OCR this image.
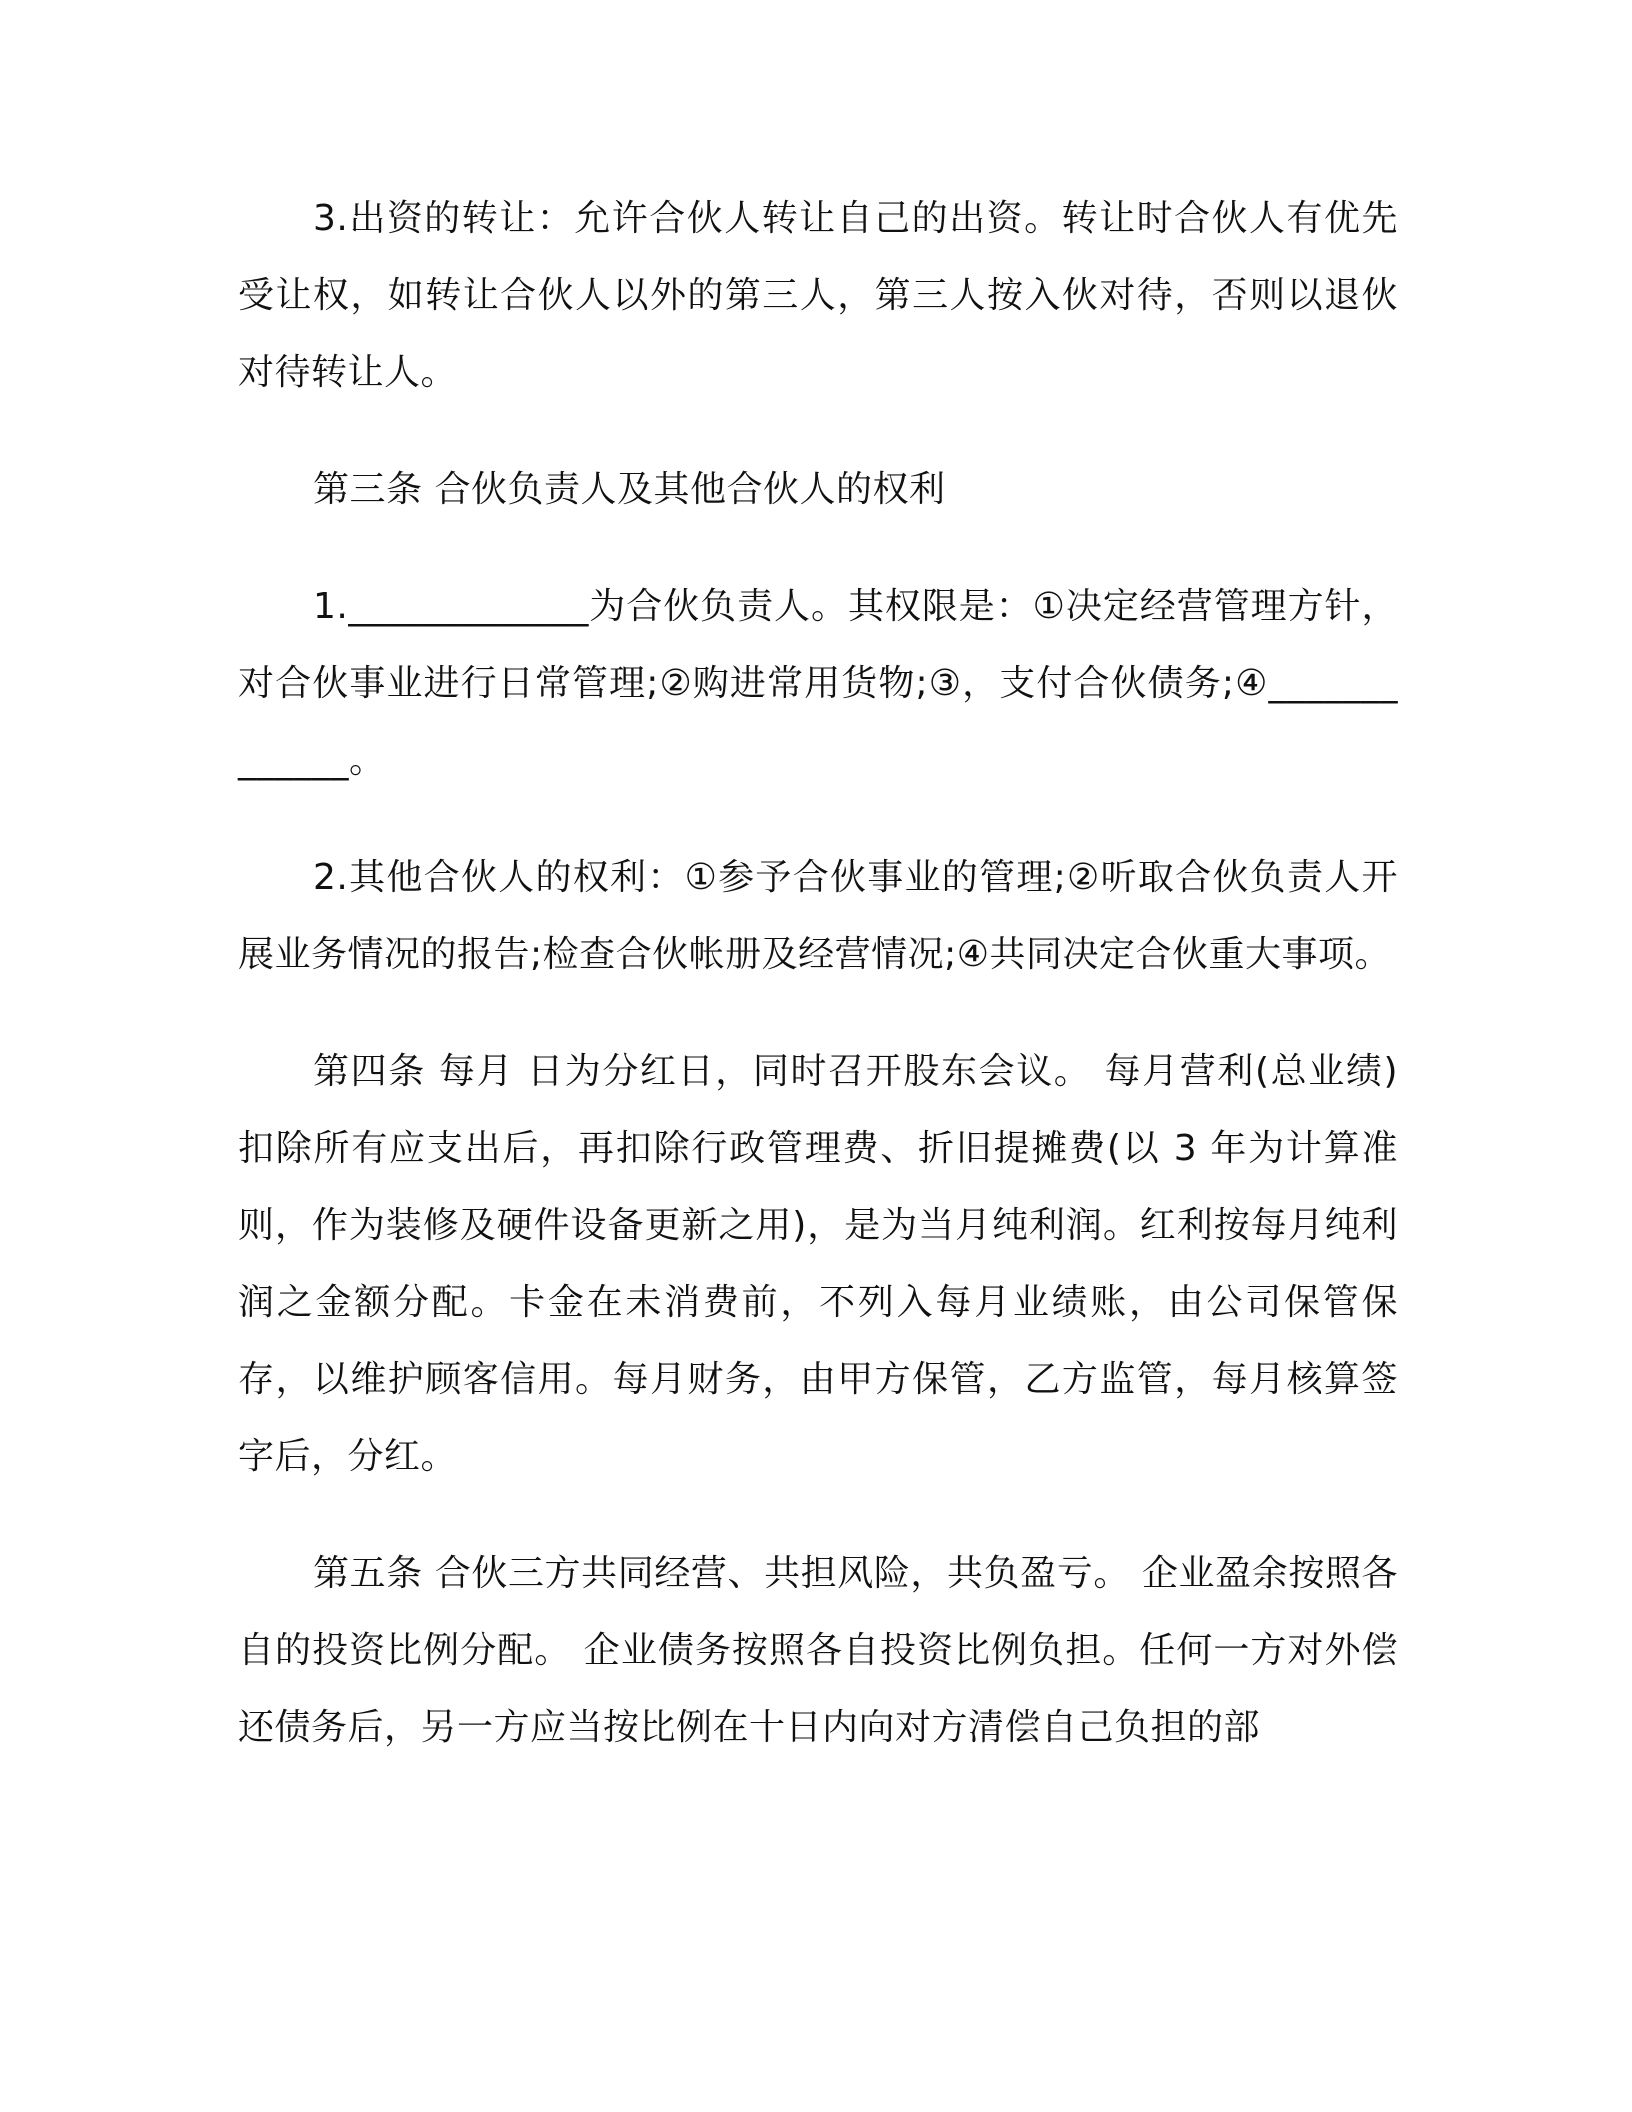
3.出资的转让：允许合伙人转让自己的出资。转让时合伙人有优先受让权，如转让合伙人以外的第三人，第三人按入伙对待，否则以退伙对待转让人。

第三条 合伙负责人及其他合伙人的权利

1._____________为合伙负责人。其权限是：①决定经营管理方针，对合伙事业进行日常管理;②购进常用货物;③，支付合伙债务;④_____________。

2.其他合伙人的权利：①参予合伙事业的管理;②听取合伙负责人开展业务情况的报告;检查合伙帐册及经营情况;④共同决定合伙重大事项。

第四条 每月 日为分红日，同时召开股东会议。 每月营利(总业绩)扣除所有应支出后，再扣除行政管理费、折旧提摊费(以 3 年为计算准则，作为装修及硬件设备更新之用)，是为当月纯利润。红利按每月纯利润之金额分配。卡金在未消费前，不列入每月业绩账，由公司保管保存，以维护顾客信用。每月财务，由甲方保管，乙方监管，每月核算签字后，分红。

第五条 合伙三方共同经营、共担风险，共负盈亏。 企业盈余按照各自的投资比例分配。 企业债务按照各自投资比例负担。任何一方对外偿还债务后，另一方应当按比例在十日内向对方清偿自己负担的部
